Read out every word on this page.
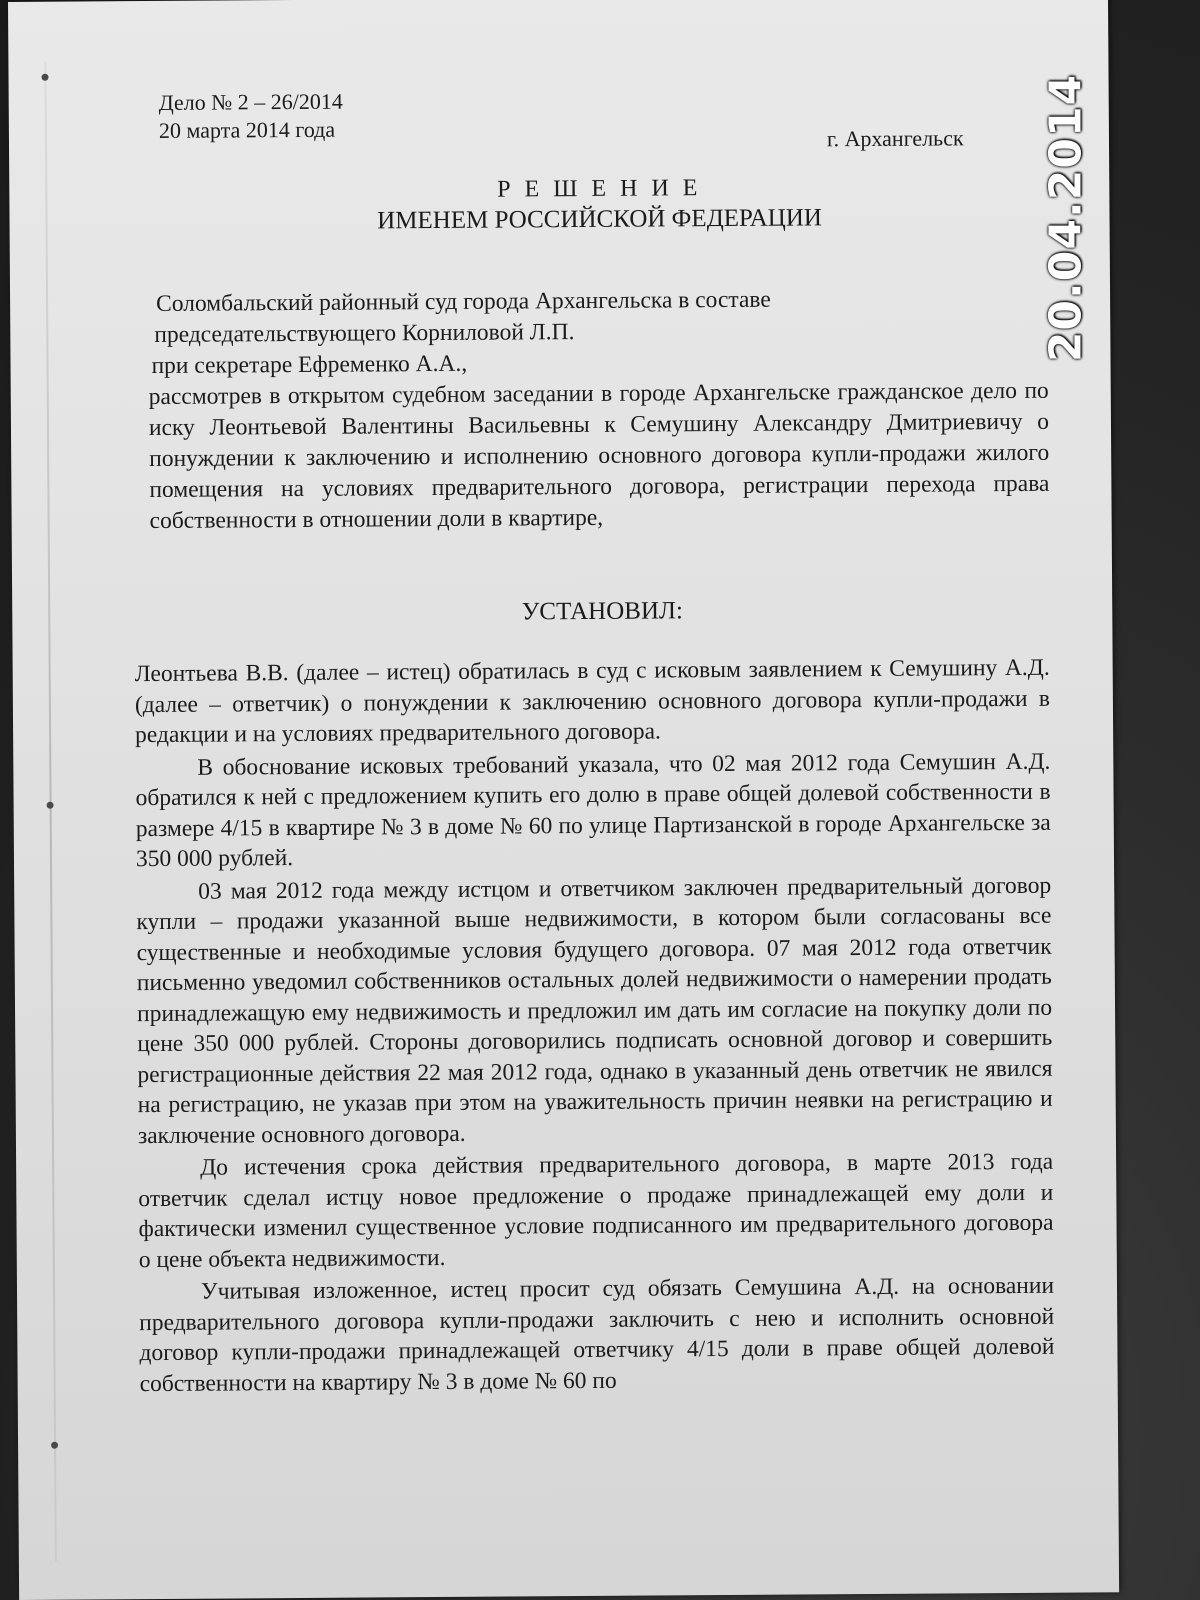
Дело № 2 – 26/2014
20 марта 2014 года	г. Архангельск
Р Е Ш Е Н И Е
ИМЕНЕМ РОССИЙСКОЙ ФЕДЕРАЦИИ
Соломбальский районный суд города Архангельска в составе
председательствующего Корниловой Л.П.
при секретаре Ефременко А.А.,
рассмотрев в открытом судебном заседании в городе Архангельске гражданское дело по иску Леонтьевой Валентины Васильевны к Семушину Александру Дмитриевичу о понуждении к заключению и исполнению основного договора купли-продажи жилого помещения на условиях предварительного договора, регистрации перехода права собственности в отношении доли в квартире,
УСТАНОВИЛ:

Леонтьева В.В. (далее – истец) обратилась в суд с исковым заявлением к Семушину А.Д. (далее – ответчик) о понуждении к заключению основного договора купли-продажи в редакции и на условиях предварительного договора.

В обоснование исковых требований указала, что 02 мая 2012 года Семушин А.Д. обратился к ней с предложением купить его долю в праве общей долевой собственности в размере 4/15 в квартире № 3 в доме № 60 по улице Партизанской в городе Архангельске за 350 000 рублей.

03 мая 2012 года между истцом и ответчиком заключен предварительный договор купли – продажи указанной выше недвижимости, в котором были согласованы все существенные и необходимые условия будущего договора. 07 мая 2012 года ответчик письменно уведомил собственников остальных долей недвижимости о намерении продать принадлежащую ему недвижимость и предложил им дать им согласие на покупку доли по цене 350 000 рублей. Стороны договорились подписать основной договор и совершить регистрационные действия 22 мая 2012 года, однако в указанный день ответчик не явился на регистрацию, не указав при этом на уважительность причин неявки на регистрацию и заключение основного договора.

До истечения срока действия предварительного договора, в марте 2013 года ответчик сделал истцу новое предложение о продаже принадлежащей ему доли и фактически изменил существенное условие подписанного им предварительного договора о цене объекта недвижимости.

Учитывая изложенное, истец просит суд обязать Семушина А.Д. на основании предварительного договора купли-продажи заключить с нею и исполнить основной договор купли-продажи принадлежащей ответчику 4/15 доли в праве общей долевой собственности на квартиру № 3 в доме № 60 по

20.04.2014
